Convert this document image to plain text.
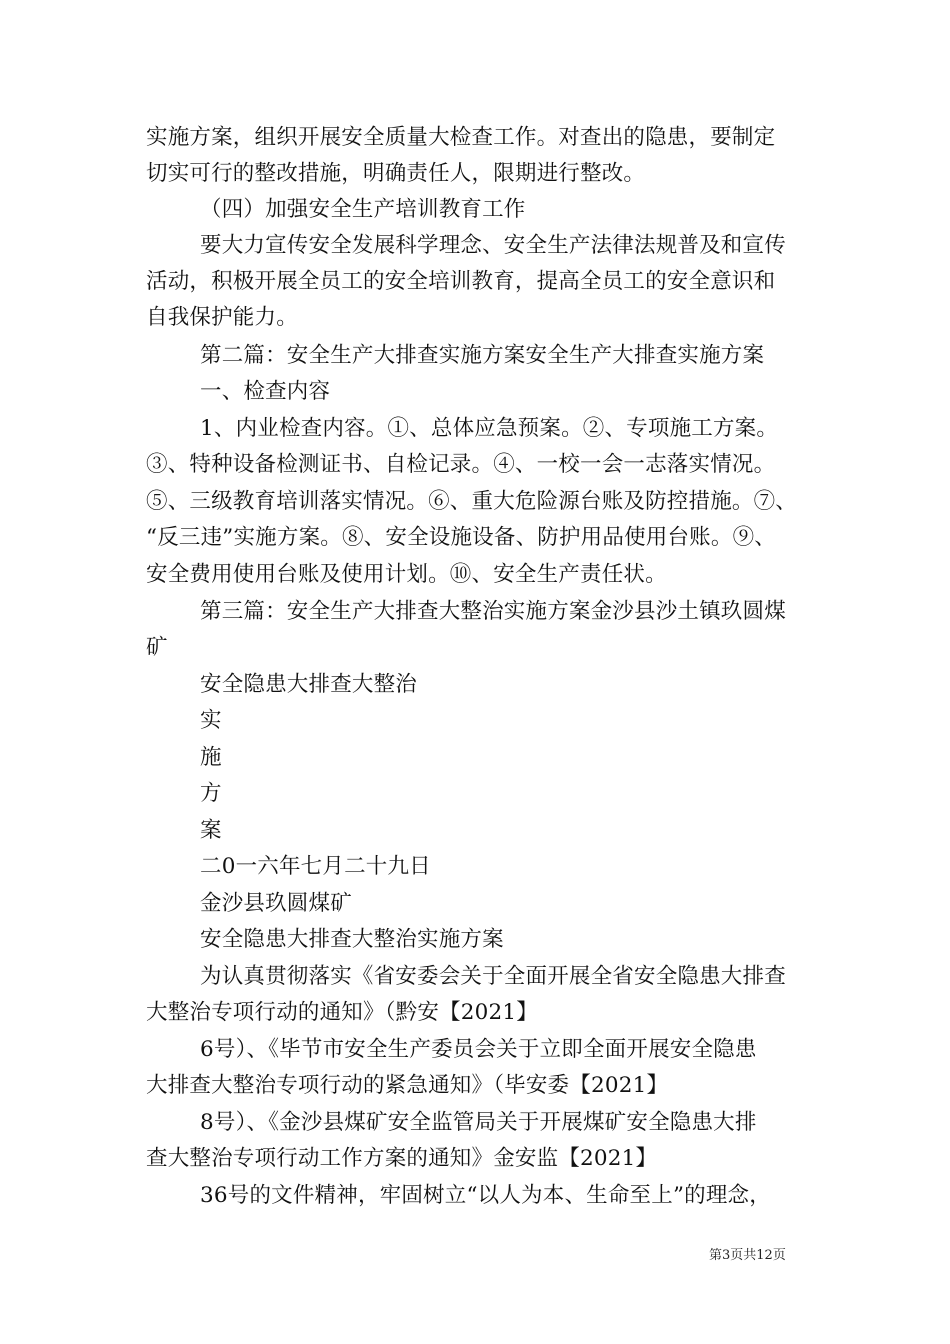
实施方案，组织开展安全质量大检查工作。对查出的隐患，要制定
切实可行的整改措施，明确责任人，限期进行整改。
（四）加强安全生产培训教育工作
要大力宣传安全发展科学理念、安全生产法律法规普及和宣传
活动，积极开展全员工的安全培训教育，提高全员工的安全意识和
自我保护能力。
第二篇：安全生产大排查实施方案安全生产大排查实施方案
一、检查内容
1、内业检查内容。①、总体应急预案。②、专项施工方案。
③、特种设备检测证书、自检记录。④、一校一会一志落实情况。
⑤、三级教育培训落实情况。⑥、重大危险源台账及防控措施。⑦、
“反三违”实施方案。⑧、安全设施设备、防护用品使用台账。⑨、
安全费用使用台账及使用计划。⑩、安全生产责任状。
第三篇：安全生产大排查大整治实施方案金沙县沙土镇玖圆煤
矿
安全隐患大排查大整治
实
施
方
案
二0一六年七月二十九日
金沙县玖圆煤矿
安全隐患大排查大整治实施方案
为认真贯彻落实《省安委会关于全面开展全省安全隐患大排查
大整治专项行动的通知》（黔安【2021】
6号）、《毕节市安全生产委员会关于立即全面开展安全隐患
大排查大整治专项行动的紧急通知》（毕安委【2021】
8号）、《金沙县煤矿安全监管局关于开展煤矿安全隐患大排
查大整治专项行动工作方案的通知》金安监【2021】
36号的文件精神，牢固树立“以人为本、生命至上”的理念，
第3页共12页
